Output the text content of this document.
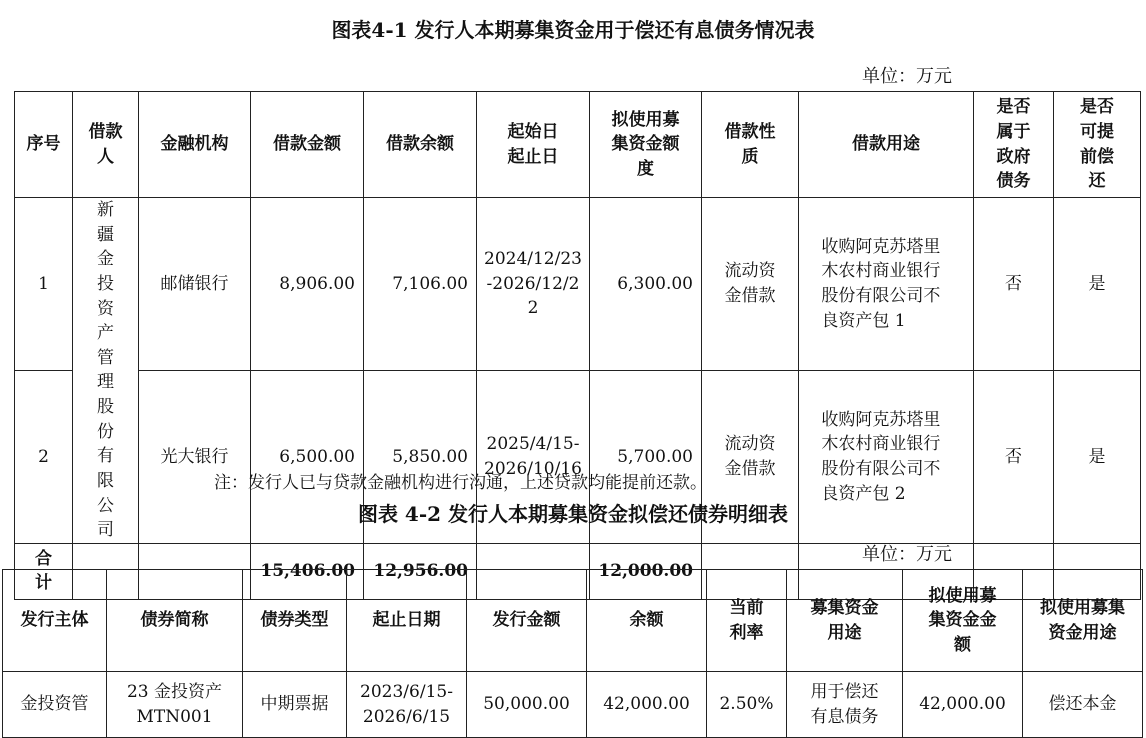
图表4-1 发行人本期募集资金用于偿还有息债务情况表
单位：万元
序号	借款人	金融机构	借款金额	借款余额	起始日起止日	拟使用募集资金额度	借款性质	借款用途	是否属于政府债务	是否可提前偿还
1	新疆金投资产管理股份有限公司	邮储银行	8,906.00	7,106.00	2024/12/23-2026/12/22	6,300.00	流动资金借款	收购阿克苏塔里木农村商业银行股份有限公司不良资产包 1	否	是
2		光大银行	6,500.00	5,850.00	2025/4/15-2026/10/16	5,700.00	流动资金借款	收购阿克苏塔里木农村商业银行股份有限公司不良资产包 2	否	是
合计			15,406.00	12,956.00		12,000.00				
注：发行人已与贷款金融机构进行沟通，上述贷款均能提前还款。
图表 4-2 发行人本期募集资金拟偿还债券明细表
单位：万元
发行主体	债券简称	债券类型	起止日期	发行金额	余额	当前利率	募集资金用途	拟使用募集资金金额	拟使用募集资金用途
金投资管	23 金投资产MTN001	中期票据	2023/6/15-2026/6/15	50,000.00	42,000.00	2.50%	用于偿还有息债务	42,000.00	偿还本金
